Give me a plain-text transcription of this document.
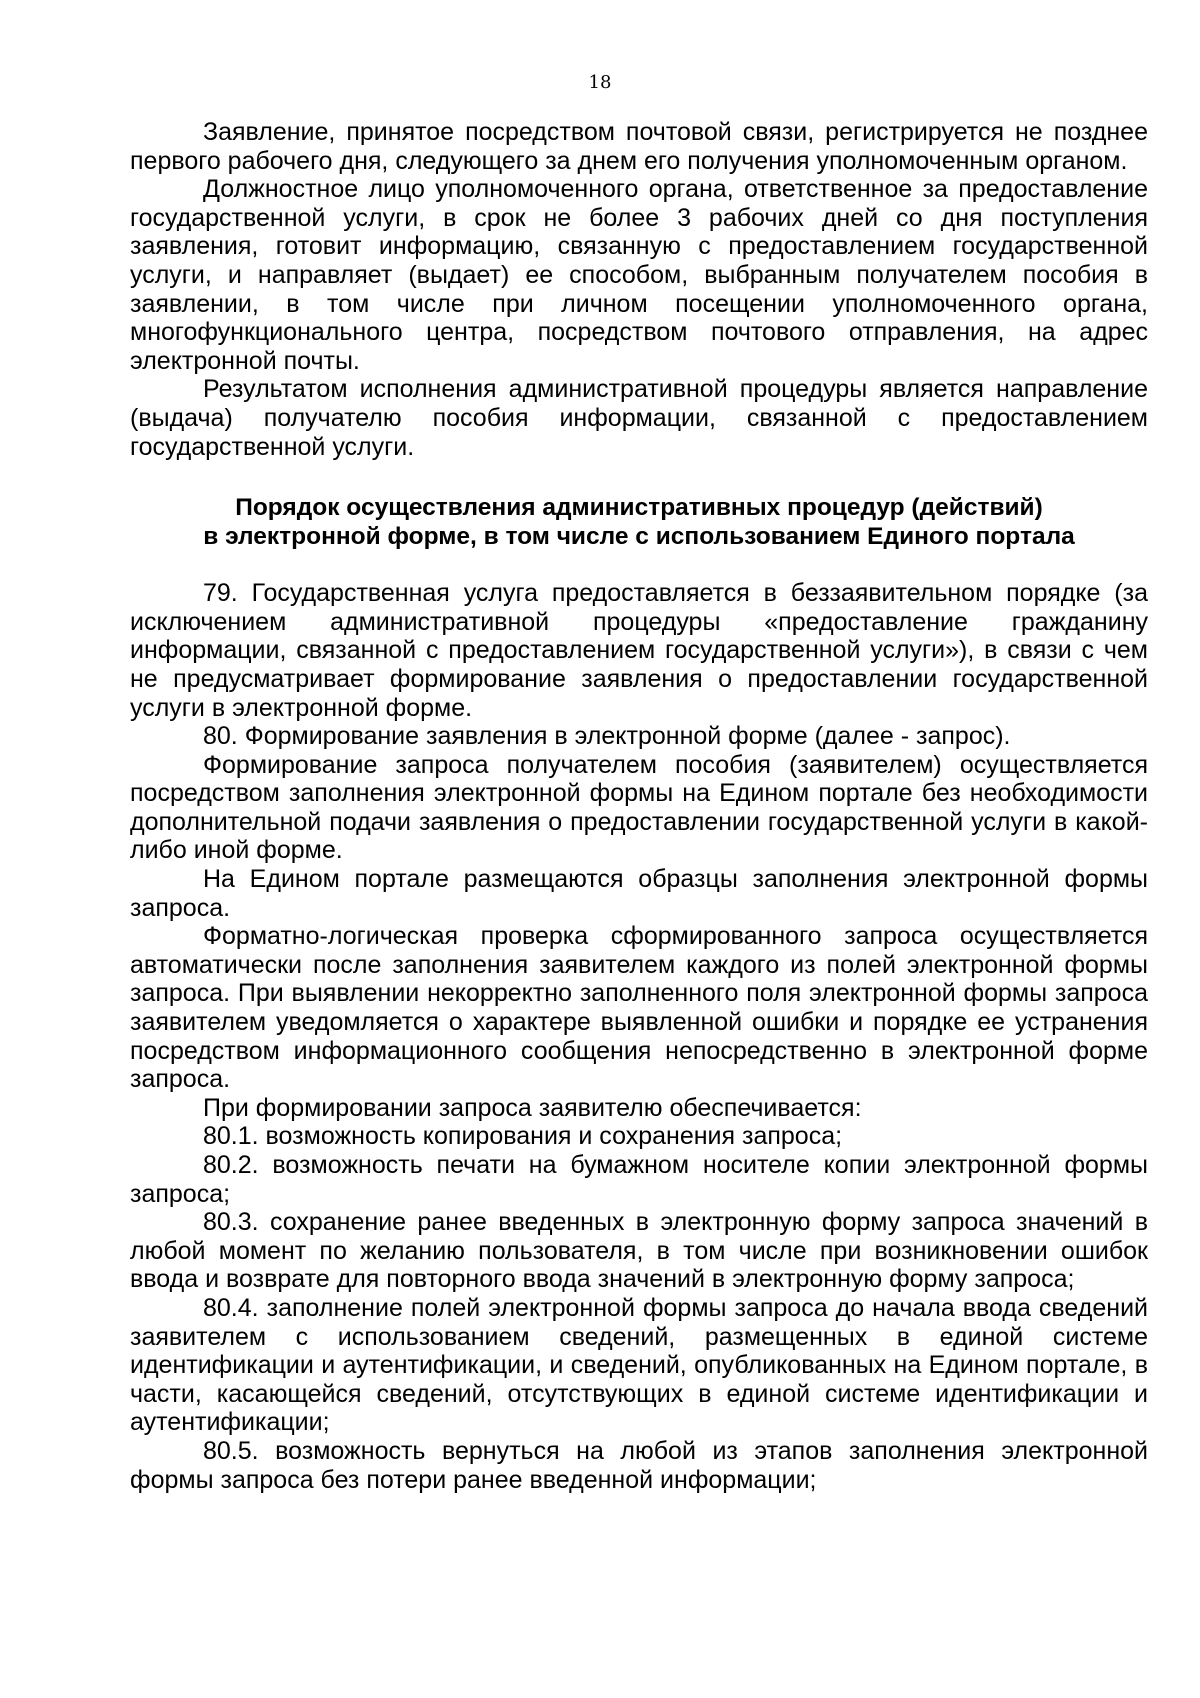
18

Заявление, принятое посредством почтовой связи, регистрируется не позднее первого рабочего дня, следующего за днем его получения уполномоченным органом.

Должностное лицо уполномоченного органа, ответственное за предоставление государственной услуги, в срок не более 3 рабочих дней со дня поступления заявления, готовит информацию, связанную с предоставлением государственной услуги, и направляет (выдает) ее способом, выбранным получателем пособия в заявлении, в том числе при личном посещении уполномоченного органа, многофункционального центра, посредством почтового отправления, на адрес электронной почты.

Результатом исполнения административной процедуры является направление (выдача) получателю пособия информации, связанной с предоставлением государственной услуги.

Порядок осуществления административных процедур (действий)
в электронной форме, в том числе с использованием Единого портала

79. Государственная услуга предоставляется в беззаявительном порядке (за исключением административной процедуры «предоставление гражданину информации, связанной с предоставлением государственной услуги»), в связи с чем не предусматривает формирование заявления о предоставлении государственной услуги в электронной форме.

80. Формирование заявления в электронной форме (далее - запрос).

Формирование запроса получателем пособия (заявителем) осуществляется посредством заполнения электронной формы на Едином портале без необходимости дополнительной подачи заявления о предоставлении государственной услуги в какой-либо иной форме.

На Едином портале размещаются образцы заполнения электронной формы запроса.

Форматно-логическая проверка сформированного запроса осуществляется автоматически после заполнения заявителем каждого из полей электронной формы запроса. При выявлении некорректно заполненного поля электронной формы запроса заявителем уведомляется о характере выявленной ошибки и порядке ее устранения посредством информационного сообщения непосредственно в электронной форме запроса.

При формировании запроса заявителю обеспечивается:

80.1. возможность копирования и сохранения запроса;

80.2. возможность печати на бумажном носителе копии электронной формы запроса;

80.3. сохранение ранее введенных в электронную форму запроса значений в любой момент по желанию пользователя, в том числе при возникновении ошибок ввода и возврате для повторного ввода значений в электронную форму запроса;

80.4. заполнение полей электронной формы запроса до начала ввода сведений заявителем с использованием сведений, размещенных в единой системе идентификации и аутентификации, и сведений, опубликованных на Едином портале, в части, касающейся сведений, отсутствующих в единой системе идентификации и аутентификации;

80.5. возможность вернуться на любой из этапов заполнения электронной формы запроса без потери ранее введенной информации;
